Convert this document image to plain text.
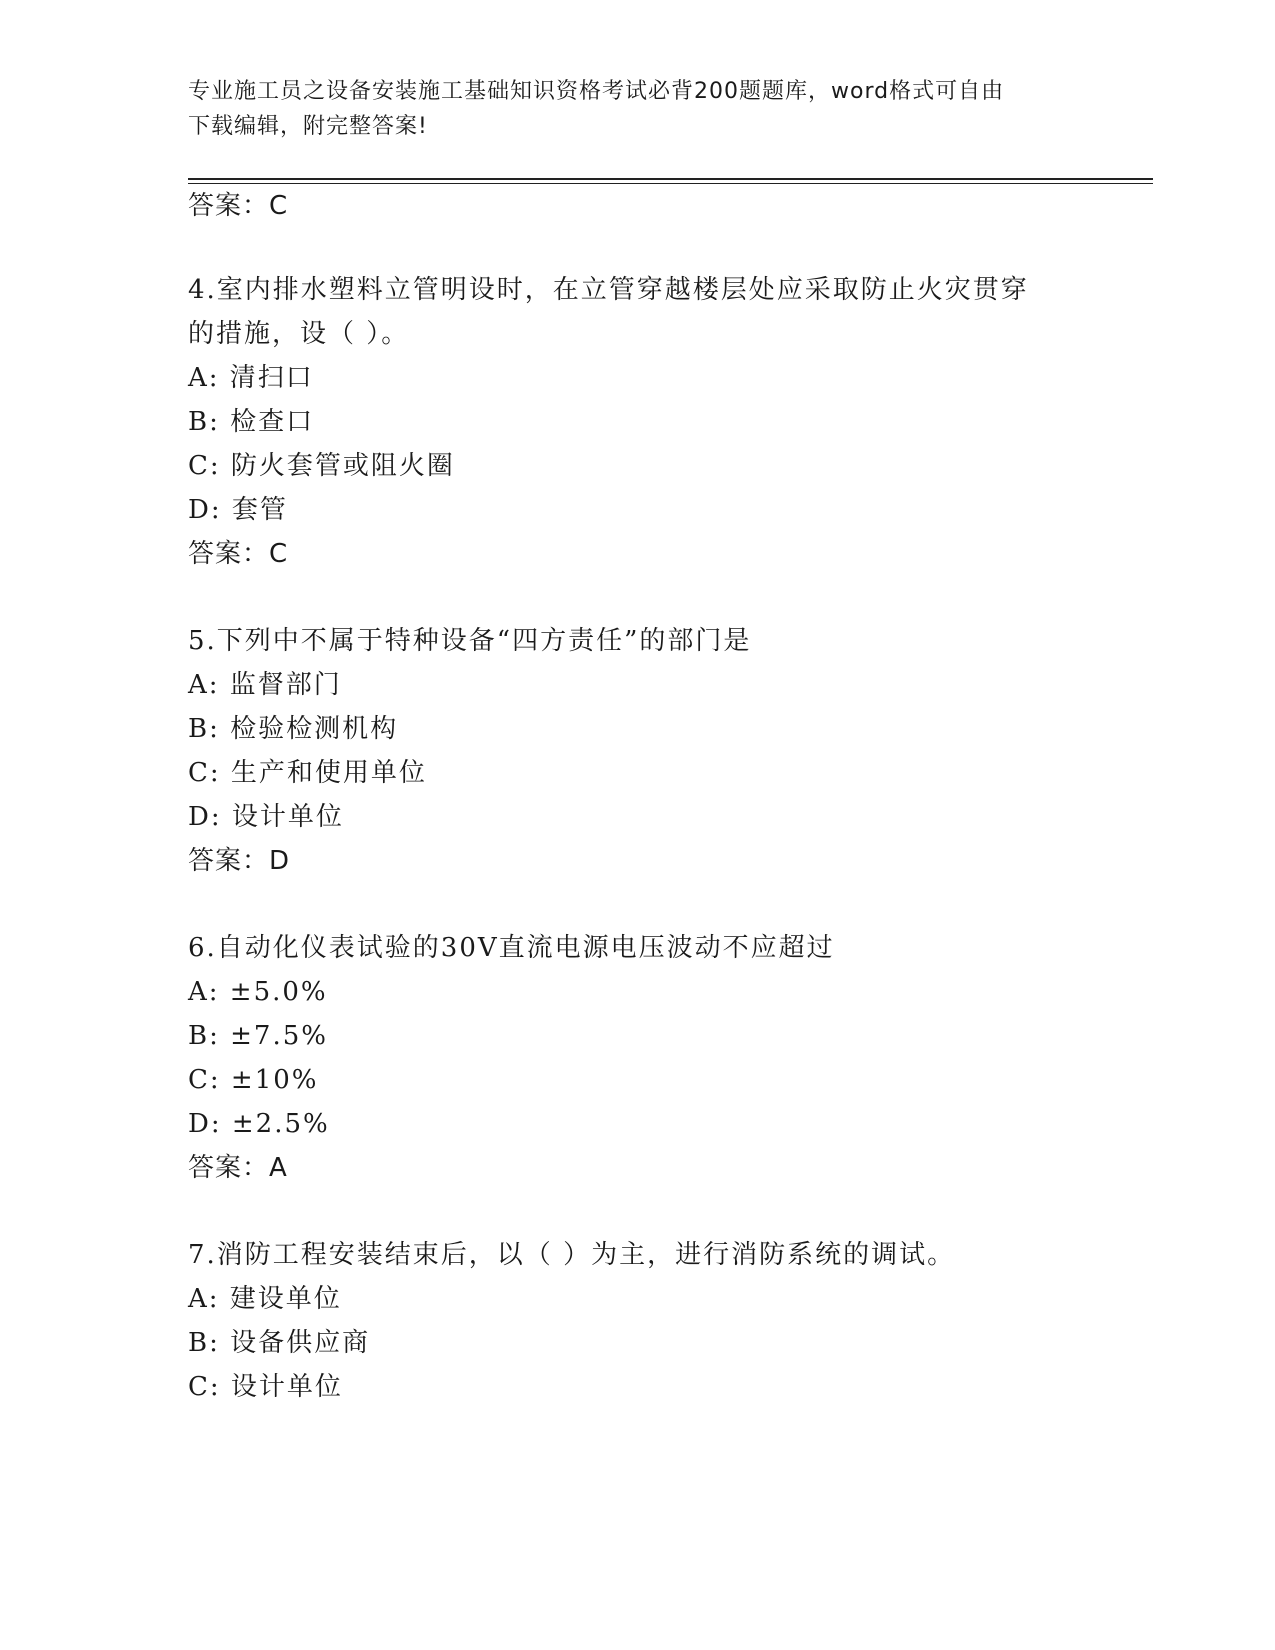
专业施工员之设备安装施工基础知识资格考试必背200题题库，word格式可自由
下载编辑，附完整答案!
答案：C
4.室内排水塑料立管明设时，在立管穿越楼层处应采取防止火灾贯穿
的措施，设（ ）。
A: 清扫口
B: 检查口
C: 防火套管或阻火圈
D: 套管
答案：C
5.下列中不属于特种设备“四方责任”的部门是
A: 监督部门
B: 检验检测机构
C: 生产和使用单位
D: 设计单位
答案：D
6.自动化仪表试验的30V直流电源电压波动不应超过
A: ±5.0%
B: ±7.5%
C: ±10%
D: ±2.5%
答案：A
7.消防工程安装结束后，以（ ）为主，进行消防系统的调试。
A: 建设单位
B: 设备供应商
C: 设计单位
